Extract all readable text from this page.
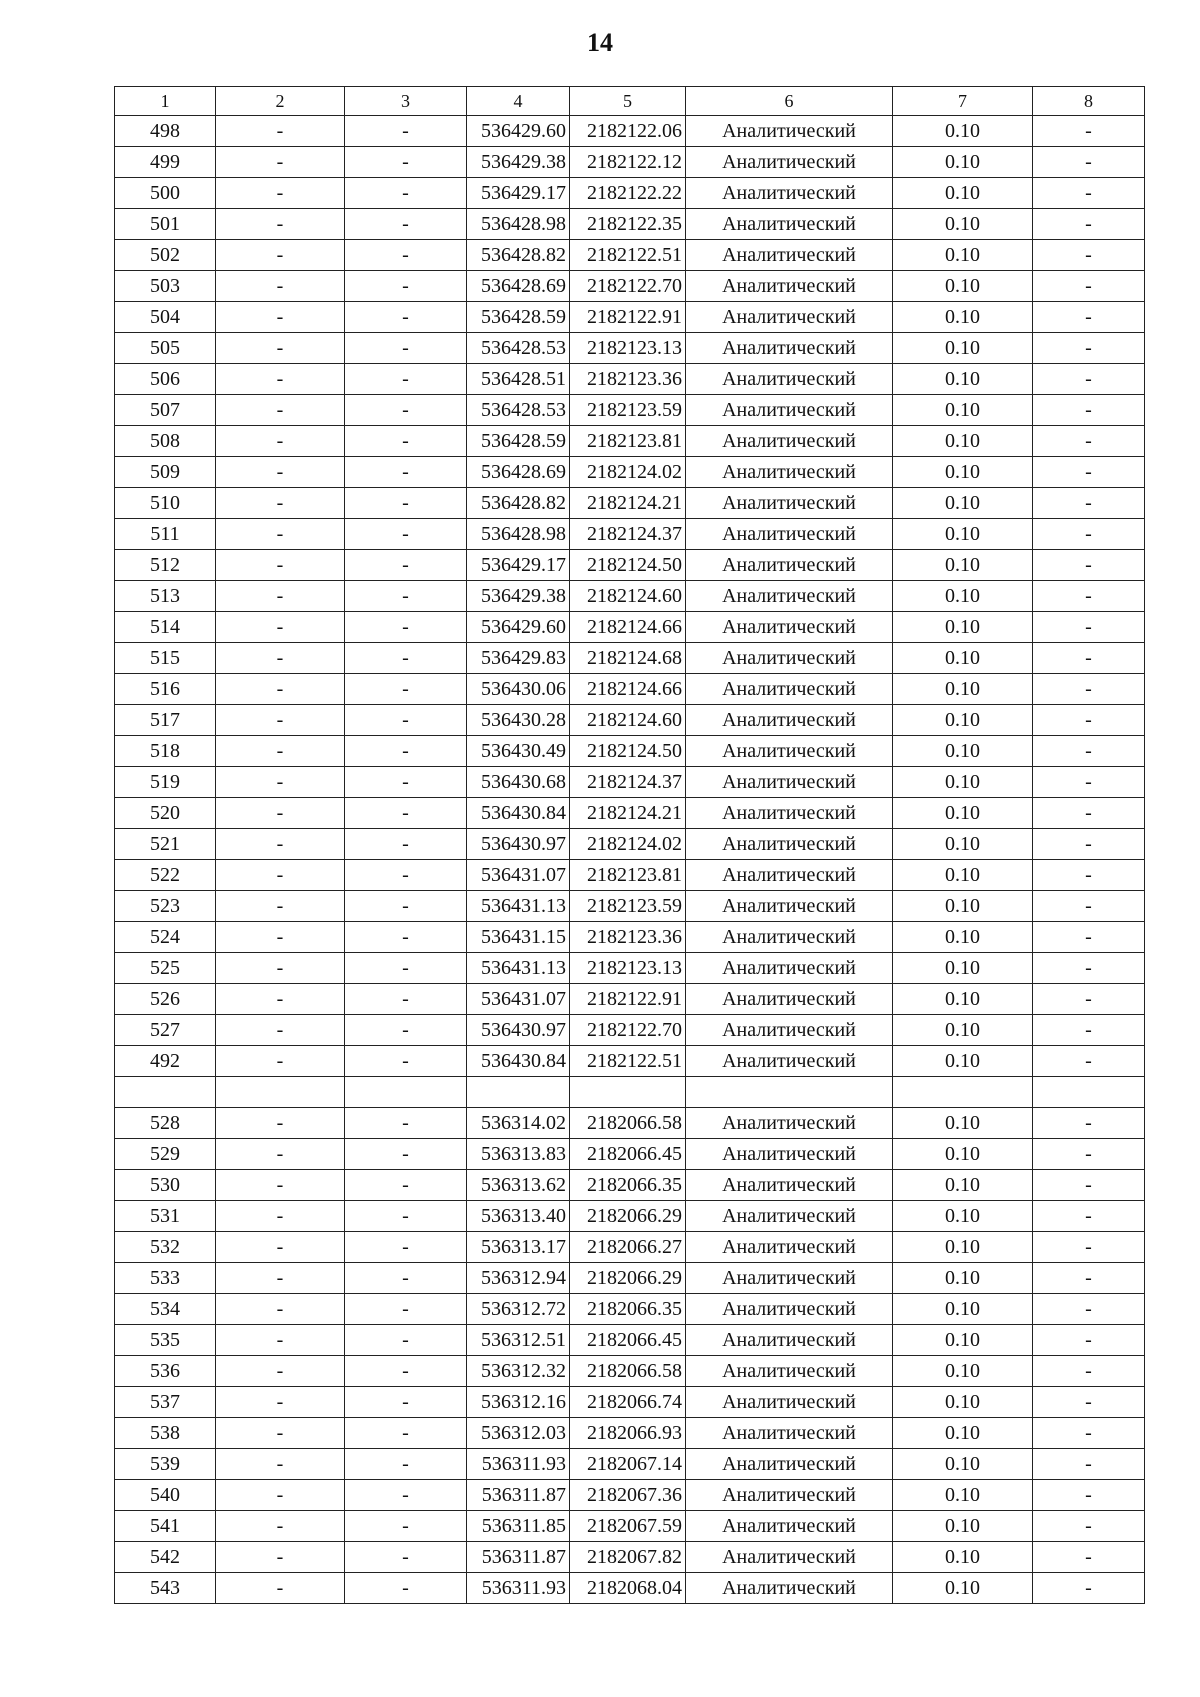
14
1	2	3	4	5	6	7	8
498	-	-	536429.60	2182122.06	Аналитический	0.10	-
499	-	-	536429.38	2182122.12	Аналитический	0.10	-
500	-	-	536429.17	2182122.22	Аналитический	0.10	-
501	-	-	536428.98	2182122.35	Аналитический	0.10	-
502	-	-	536428.82	2182122.51	Аналитический	0.10	-
503	-	-	536428.69	2182122.70	Аналитический	0.10	-
504	-	-	536428.59	2182122.91	Аналитический	0.10	-
505	-	-	536428.53	2182123.13	Аналитический	0.10	-
506	-	-	536428.51	2182123.36	Аналитический	0.10	-
507	-	-	536428.53	2182123.59	Аналитический	0.10	-
508	-	-	536428.59	2182123.81	Аналитический	0.10	-
509	-	-	536428.69	2182124.02	Аналитический	0.10	-
510	-	-	536428.82	2182124.21	Аналитический	0.10	-
511	-	-	536428.98	2182124.37	Аналитический	0.10	-
512	-	-	536429.17	2182124.50	Аналитический	0.10	-
513	-	-	536429.38	2182124.60	Аналитический	0.10	-
514	-	-	536429.60	2182124.66	Аналитический	0.10	-
515	-	-	536429.83	2182124.68	Аналитический	0.10	-
516	-	-	536430.06	2182124.66	Аналитический	0.10	-
517	-	-	536430.28	2182124.60	Аналитический	0.10	-
518	-	-	536430.49	2182124.50	Аналитический	0.10	-
519	-	-	536430.68	2182124.37	Аналитический	0.10	-
520	-	-	536430.84	2182124.21	Аналитический	0.10	-
521	-	-	536430.97	2182124.02	Аналитический	0.10	-
522	-	-	536431.07	2182123.81	Аналитический	0.10	-
523	-	-	536431.13	2182123.59	Аналитический	0.10	-
524	-	-	536431.15	2182123.36	Аналитический	0.10	-
525	-	-	536431.13	2182123.13	Аналитический	0.10	-
526	-	-	536431.07	2182122.91	Аналитический	0.10	-
527	-	-	536430.97	2182122.70	Аналитический	0.10	-
492	-	-	536430.84	2182122.51	Аналитический	0.10	-

528	-	-	536314.02	2182066.58	Аналитический	0.10	-
529	-	-	536313.83	2182066.45	Аналитический	0.10	-
530	-	-	536313.62	2182066.35	Аналитический	0.10	-
531	-	-	536313.40	2182066.29	Аналитический	0.10	-
532	-	-	536313.17	2182066.27	Аналитический	0.10	-
533	-	-	536312.94	2182066.29	Аналитический	0.10	-
534	-	-	536312.72	2182066.35	Аналитический	0.10	-
535	-	-	536312.51	2182066.45	Аналитический	0.10	-
536	-	-	536312.32	2182066.58	Аналитический	0.10	-
537	-	-	536312.16	2182066.74	Аналитический	0.10	-
538	-	-	536312.03	2182066.93	Аналитический	0.10	-
539	-	-	536311.93	2182067.14	Аналитический	0.10	-
540	-	-	536311.87	2182067.36	Аналитический	0.10	-
541	-	-	536311.85	2182067.59	Аналитический	0.10	-
542	-	-	536311.87	2182067.82	Аналитический	0.10	-
543	-	-	536311.93	2182068.04	Аналитический	0.10	-
